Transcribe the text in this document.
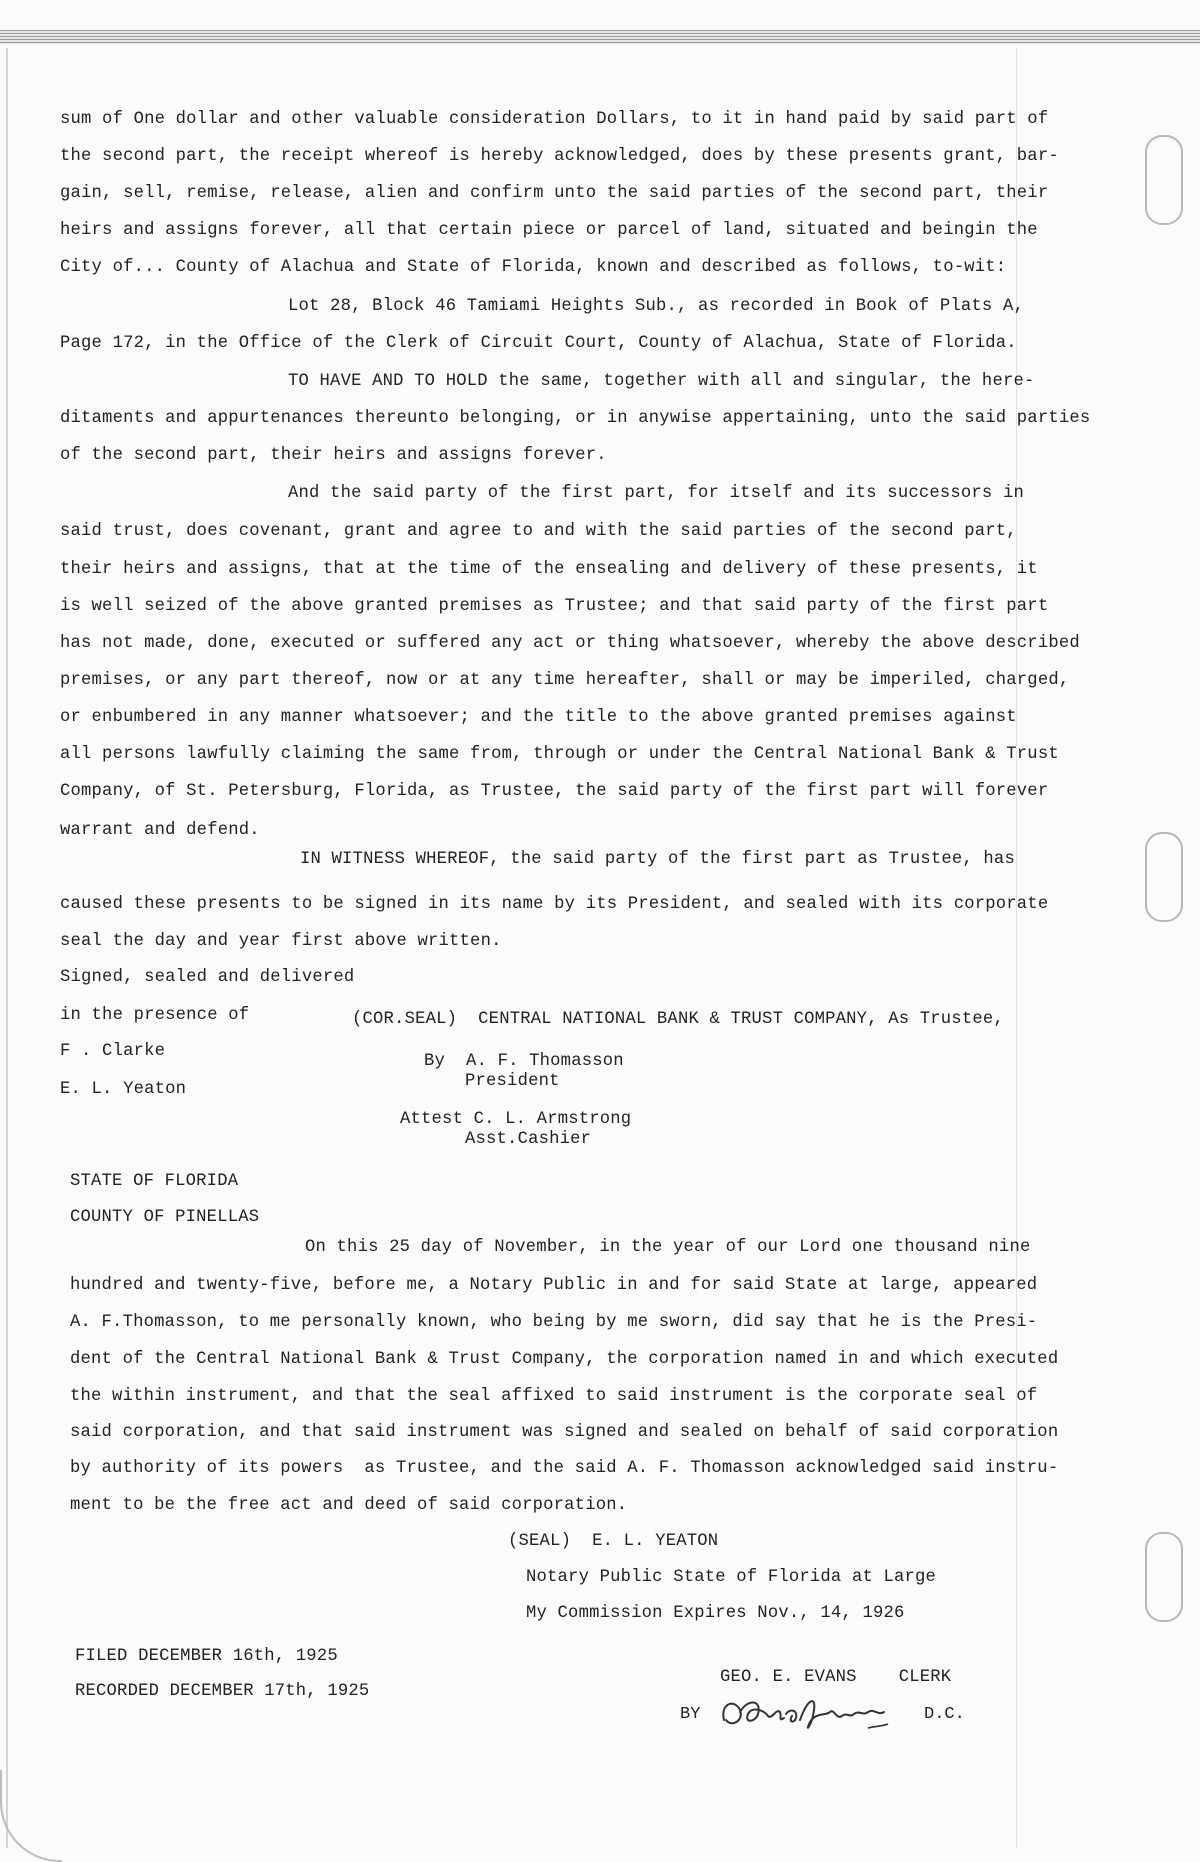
sum of One dollar and other valuable consideration Dollars, to it in hand paid by said part of
the second part, the receipt whereof is hereby acknowledged, does by these presents grant, bar-
gain, sell, remise, release, alien and confirm unto the said parties of the second part, their
heirs and assigns forever, all that certain piece or parcel of land, situated and beingin the
City of... County of Alachua and State of Florida, known and described as follows, to-wit:
Lot 28, Block 46 Tamiami Heights Sub., as recorded in Book of Plats A,
Page 172, in the Office of the Clerk of Circuit Court, County of Alachua, State of Florida.
TO HAVE AND TO HOLD the same, together with all and singular, the here-
ditaments and appurtenances thereunto belonging, or in anywise appertaining, unto the said parties
of the second part, their heirs and assigns forever.
And the said party of the first part, for itself and its successors in
said trust, does covenant, grant and agree to and with the said parties of the second part,
their heirs and assigns, that at the time of the ensealing and delivery of these presents, it
is well seized of the above granted premises as Trustee; and that said party of the first part
has not made, done, executed or suffered any act or thing whatsoever, whereby the above described
premises, or any part thereof, now or at any time hereafter, shall or may be imperiled, charged,
or enbumbered in any manner whatsoever; and the title to the above granted premises against
all persons lawfully claiming the same from, through or under the Central National Bank & Trust
Company, of St. Petersburg, Florida, as Trustee, the said party of the first part will forever
warrant and defend.
IN WITNESS WHEREOF, the said party of the first part as Trustee, has
caused these presents to be signed in its name by its President, and sealed with its corporate
seal the day and year first above written.
Signed, sealed and delivered
in the presence of	(COR.SEAL)  CENTRAL NATIONAL BANK & TRUST COMPANY, As Trustee,
F . Clarke
By  A. F. Thomasson
President
E. L. Yeaton
Attest C. L. Armstrong
Asst.Cashier
STATE OF FLORIDA
COUNTY OF PINELLAS
On this 25 day of November, in the year of our Lord one thousand nine
hundred and twenty-five, before me, a Notary Public in and for said State at large, appeared
A. F.Thomasson, to me personally known, who being by me sworn, did say that he is the Presi-
dent of the Central National Bank & Trust Company, the corporation named in and which executed
the within instrument, and that the seal affixed to said instrument is the corporate seal of
said corporation, and that said instrument was signed and sealed on behalf of said corporation
by authority of its powers  as Trustee, and the said A. F. Thomasson acknowledged said instru-
ment to be the free act and deed of said corporation.
(SEAL)  E. L. YEATON
Notary Public State of Florida at Large
My Commission Expires Nov., 14, 1926
FILED DECEMBER 16th, 1925
GEO. E. EVANS    CLERK
RECORDED DECEMBER 17th, 1925
BY	D.C.
